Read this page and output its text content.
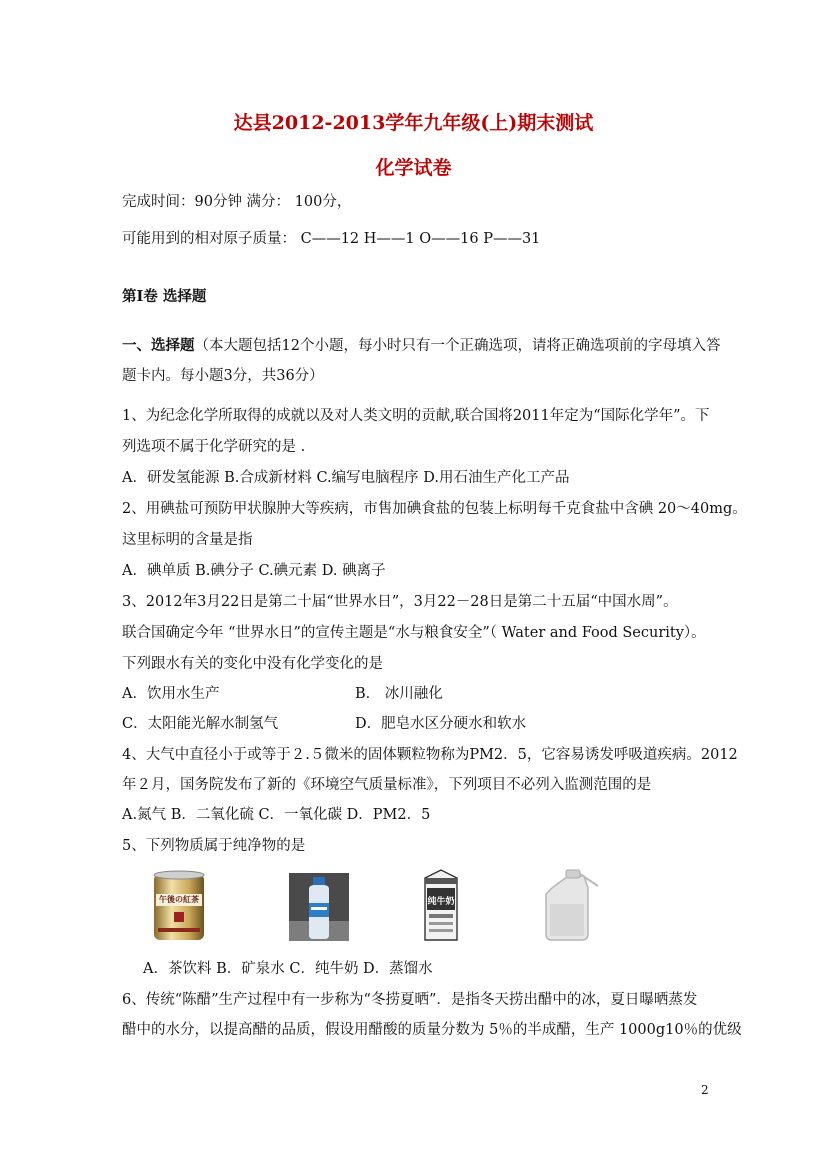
达县2012-2013学年九年级(上)期末测试
化学试卷
完成时间：90分钟 满分： 100分，
可能用到的相对原子质量： C——12 H——1 O——16 P——31
第Ⅰ卷 选择题
一、选择题（本大题包括12个小题，每小时只有一个正确选项，请将正确选项前的字母填入答
题卡内。每小题3分，共36分）
1、为纪念化学所取得的成就以及对人类文明的贡献,联合国将2011年定为“国际化学年”。下
列选项不属于化学研究的是 .
A．研发氢能源 B.合成新材料 C.编写电脑程序 D.用石油生产化工产品
2、用碘盐可预防甲状腺肿大等疾病，市售加碘食盐的包装上标明每千克食盐中含碘 20～40mg。
这里标明的含量是指
A．碘单质 B.碘分子 C.碘元素 D. 碘离子
3、2012年3月22日是第二十届“世界水日”，3月22－28日是第二十五届“中国水周”。
联合国确定今年 “世界水日”的宣传主题是“水与粮食安全”（ Water and Food Security）。
下列跟水有关的变化中没有化学变化的是
A．饮用水生产	B． 冰川融化
C．太阳能光解水制氢气	D．肥皂水区分硬水和软水
4、大气中直径小于或等于２.５微米的固体颗粒物称为PM2．5，它容易诱发呼吸道疾病。2012
年２月，国务院发布了新的《环境空气质量标准》，下列项目不必列入监测范围的是
A.氮气 B．二氧化硫 C．一氧化碳 D．PM2．5
5、下列物质属于纯净物的是
午後の紅茶	纯牛奶
A．茶饮料 B．矿泉水 C．纯牛奶 D．蒸馏水
6、传统“陈醋”生产过程中有一步称为“冬捞夏晒”．是指冬天捞出醋中的冰，夏日曝晒蒸发
醋中的水分，以提高醋的品质，假设用醋酸的质量分数为 5％的半成醋，生产 1000g10％的优级
2
